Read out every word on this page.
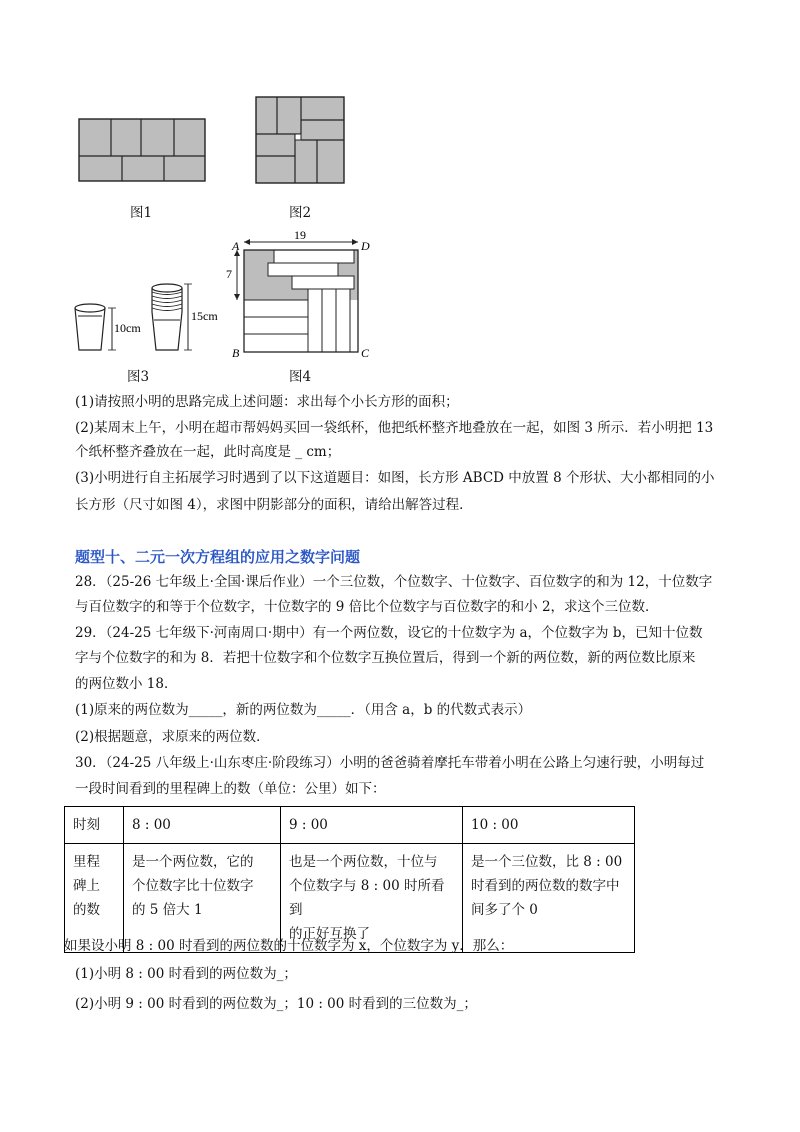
图1	图2
10cm
15cm
图3
19
7
A	D
B	C
图4
(1)请按照小明的思路完成上述问题：求出每个小长方形的面积；
(2)某周末上午，小明在超市帮妈妈买回一袋纸杯，他把纸杯整齐地叠放在一起，如图 3 所示．若小明把 13
个纸杯整齐叠放在一起，此时高度是 _ cm；
(3)小明进行自主拓展学习时遇到了以下这道题目：如图，长方形 ABCD 中放置 8 个形状、大小都相同的小
长方形（尺寸如图 4），求图中阴影部分的面积，请给出解答过程．
题型十、二元一次方程组的应用之数字问题
28．（25-26 七年级上·全国·课后作业）一个三位数，个位数字、十位数字、百位数字的和为 12，十位数字
与百位数字的和等于个位数字，十位数字的 9 倍比个位数字与百位数字的和小 2，求这个三位数．
29．（24-25 七年级下·河南周口·期中）有一个两位数，设它的十位数字为 a，个位数字为 b，已知十位数
字与个位数字的和为 8．若把十位数字和个位数字互换位置后，得到一个新的两位数，新的两位数比原来
的两位数小 18．
(1)原来的两位数为_____，新的两位数为_____．（用含 a，b 的代数式表示）
(2)根据题意，求原来的两位数．
30．（24-25 八年级上·山东枣庄·阶段练习）小明的爸爸骑着摩托车带着小明在公路上匀速行驶，小明每过
一段时间看到的里程碑上的数（单位：公里）如下：
时刻	8 : 00	9 : 00	10 : 00
里程
碑上
的数	是一个两位数，它的
个位数字比十位数字
的 5 倍大 1	也是一个两位数，十位与
个位数字与 8 : 00 时所看到
的正好互换了	是一个三位数，比 8 : 00
时看到的两位数的数字中
间多了个 0
如果设小明 8 : 00 时看到的两位数的十位数字为 x，个位数字为 y．那么：
(1)小明 8 : 00 时看到的两位数为_；
(2)小明 9 : 00 时看到的两位数为_；10 : 00 时看到的三位数为_；
